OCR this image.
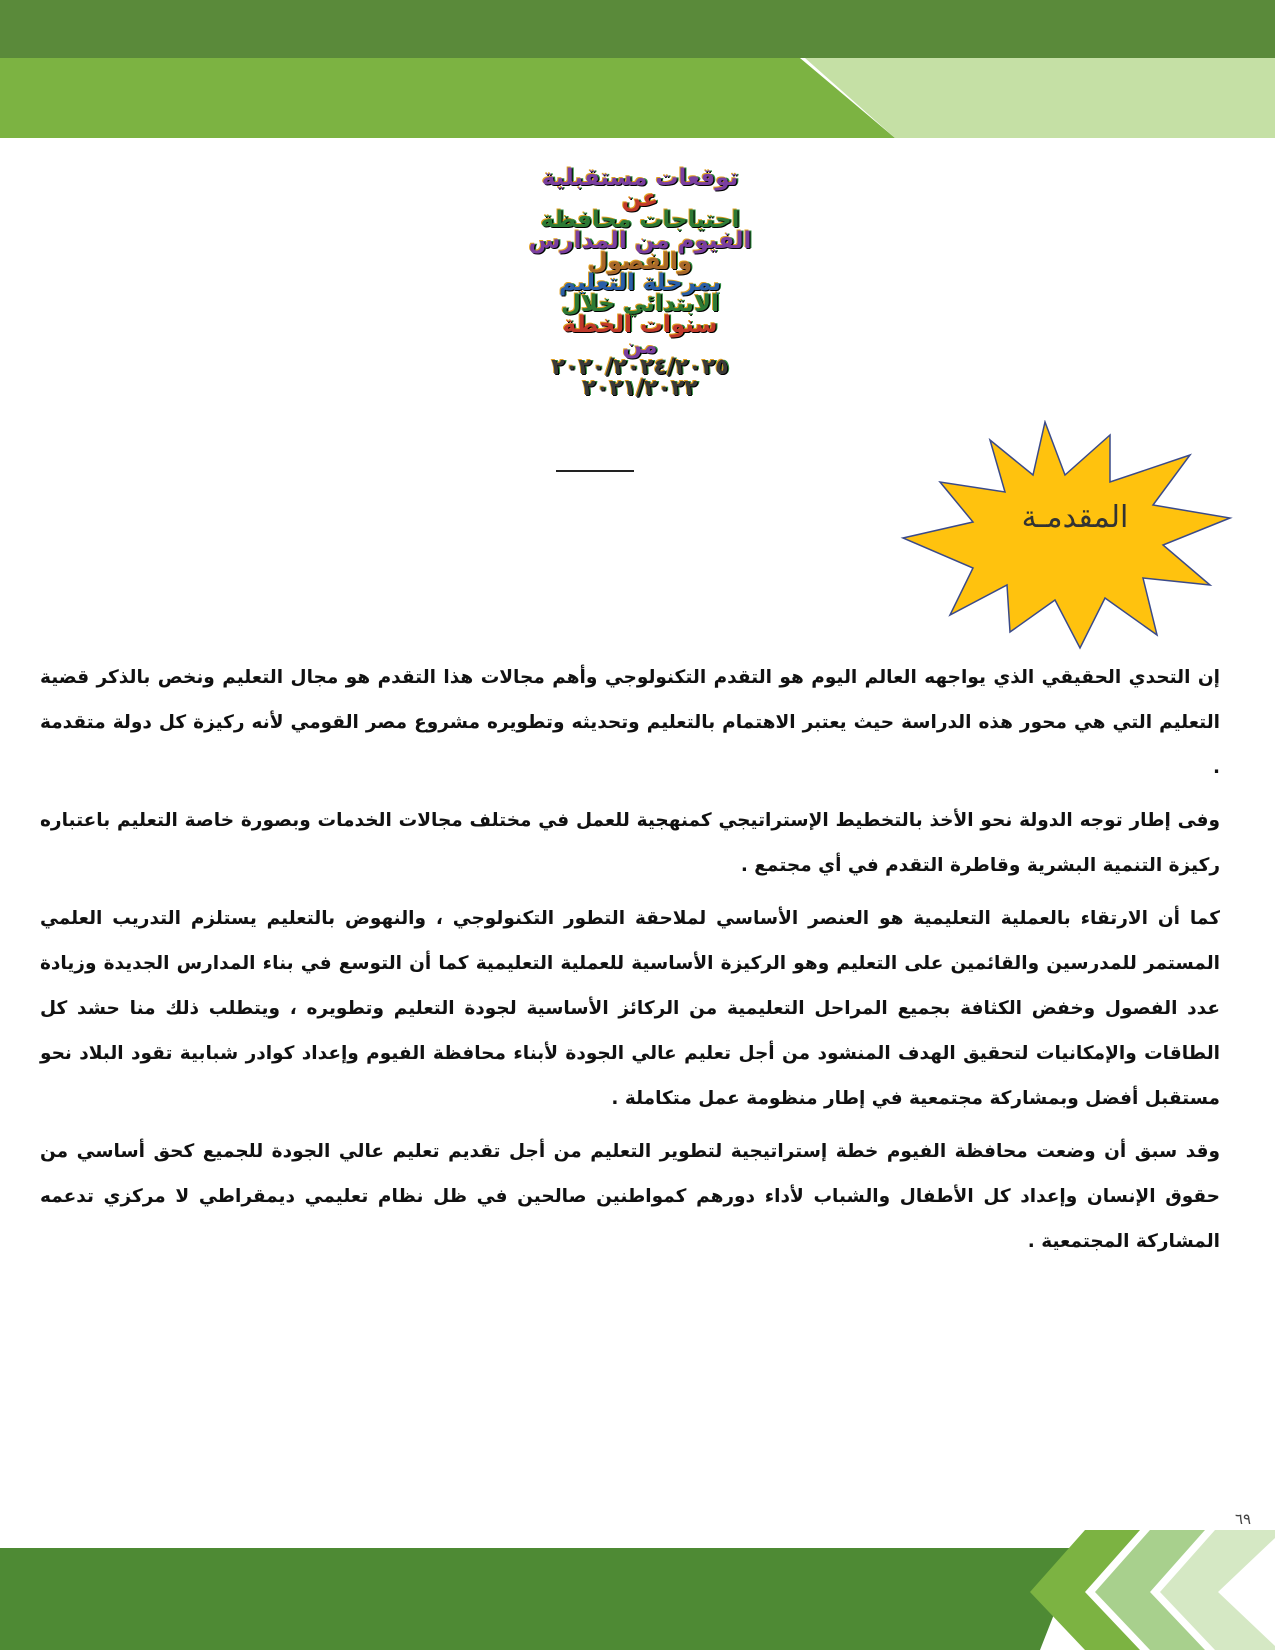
توقعات مستقبلية
عن
احتياجات محافظة
الفيوم من المدارس
والفصول
بمرحلة التعليم
الابتدائي خلال
سنوات الخطة
من
٢٠٢٠/٢٠٢٤/٢٠٢٥
٢٠٢١/٢٠٢٢
المقدمـة

إن التحدي الحقيقي الذي يواجهه العالم اليوم هو التقدم التكنولوجي وأهم مجالات هذا التقدم هو مجال التعليم ونخص بالذكر قضية التعليم التي هي محور هذه الدراسة حيث يعتبر الاهتمام بالتعليم وتحديثه وتطويره مشروع مصر القومي لأنه ركيزة كل دولة متقدمة .

وفى إطار توجه الدولة نحو الأخذ بالتخطيط الإستراتيجي كمنهجية للعمل في مختلف مجالات الخدمات وبصورة خاصة التعليم باعتباره ركيزة التنمية البشرية وقاطرة التقدم في أي مجتمع .

كما أن الارتقاء بالعملية التعليمية هو العنصر الأساسي لملاحقة التطور التكنولوجي ، والنهوض بالتعليم يستلزم التدريب العلمي المستمر للمدرسين والقائمين على التعليم وهو الركيزة الأساسية للعملية التعليمية كما أن التوسع في بناء المدارس الجديدة وزيادة عدد الفصول وخفض الكثافة بجميع المراحل التعليمية من الركائز الأساسية لجودة التعليم وتطويره ، ويتطلب ذلك منا حشد كل الطاقات والإمكانيات لتحقيق الهدف المنشود من أجل تعليم عالي الجودة لأبناء محافظة الفيوم وإعداد كوادر شبابية تقود البلاد نحو مستقبل أفضل وبمشاركة مجتمعية في إطار منظومة عمل متكاملة .

وقد سبق أن وضعت محافظة الفيوم خطة إستراتيجية لتطوير التعليم من أجل تقديم تعليم عالي الجودة للجميع كحق أساسي من حقوق الإنسان وإعداد كل الأطفال والشباب لأداء دورهم كمواطنين صالحين في ظل نظام تعليمي ديمقراطي لا مركزي تدعمه المشاركة المجتمعية .

٦٩
